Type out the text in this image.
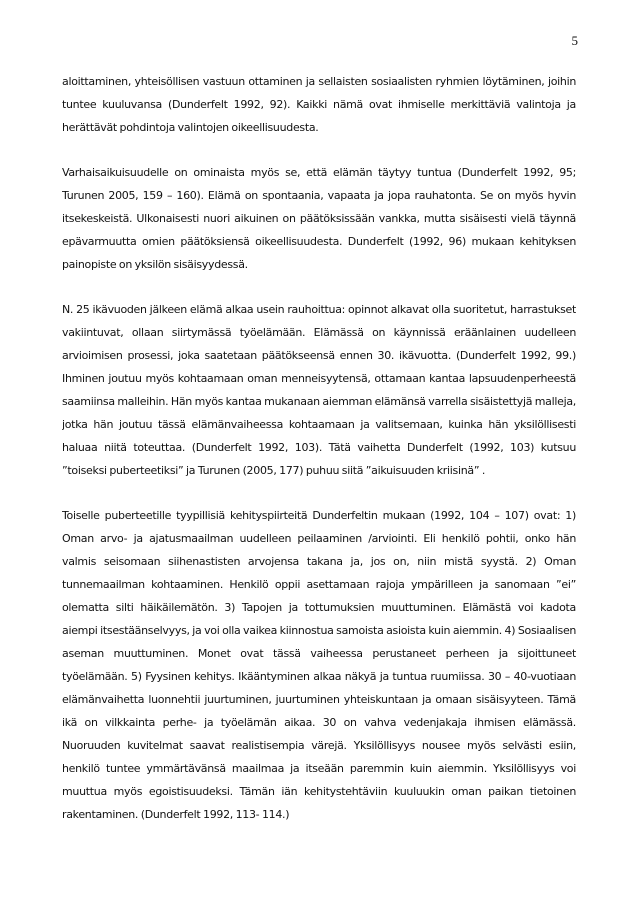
5
aloittaminen, yhteisöllisen vastuun ottaminen ja sellaisten sosiaalisten ryhmien löytäminen, joihin
tuntee kuuluvansa (Dunderfelt 1992, 92). Kaikki nämä ovat ihmiselle merkittäviä valintoja ja
herättävät pohdintoja valintojen oikeellisuudesta.
Varhaisaikuisuudelle on ominaista myös se, että elämän täytyy tuntua (Dunderfelt 1992, 95;
Turunen 2005, 159 – 160). Elämä on spontaania, vapaata ja jopa rauhatonta. Se on myös hyvin
itsekeskeistä. Ulkonaisesti nuori aikuinen on päätöksissään vankka, mutta sisäisesti vielä täynnä
epävarmuutta omien päätöksiensä oikeellisuudesta. Dunderfelt (1992, 96) mukaan kehityksen
painopiste on yksilön sisäisyydessä.
N. 25 ikävuoden jälkeen elämä alkaa usein rauhoittua: opinnot alkavat olla suoritetut, harrastukset
vakiintuvat, ollaan siirtymässä työelämään. Elämässä on käynnissä eräänlainen uudelleen
arvioimisen prosessi, joka saatetaan päätökseensä ennen 30. ikävuotta. (Dunderfelt 1992, 99.)
Ihminen joutuu myös kohtaamaan oman menneisyytensä, ottamaan kantaa lapsuudenperheestä
saamiinsa malleihin. Hän myös kantaa mukanaan aiemman elämänsä varrella sisäistettyjä malleja,
jotka hän joutuu tässä elämänvaiheessa kohtaamaan ja valitsemaan, kuinka hän yksilöllisesti
haluaa niitä toteuttaa. (Dunderfelt 1992, 103). Tätä vaihetta Dunderfelt (1992, 103) kutsuu
”toiseksi puberteetiksi” ja Turunen (2005, 177) puhuu siitä ”aikuisuuden kriisinä” .
Toiselle puberteetille tyypillisiä kehityspiirteitä Dunderfeltin mukaan (1992, 104 – 107) ovat: 1)
Oman arvo- ja ajatusmaailman uudelleen peilaaminen /arviointi. Eli henkilö pohtii, onko hän
valmis seisomaan siihenastisten arvojensa takana ja, jos on, niin mistä syystä. 2) Oman
tunnemaailman kohtaaminen. Henkilö oppii asettamaan rajoja ympärilleen ja sanomaan ”ei”
olematta silti häikäilemätön. 3) Tapojen ja tottumuksien muuttuminen. Elämästä voi kadota
aiempi itsestäänselvyys, ja voi olla vaikea kiinnostua samoista asioista kuin aiemmin. 4) Sosiaalisen
aseman muuttuminen. Monet ovat tässä vaiheessa perustaneet perheen ja sijoittuneet
työelämään. 5) Fyysinen kehitys. Ikääntyminen alkaa näkyä ja tuntua ruumiissa. 30 – 40-vuotiaan
elämänvaihetta luonnehtii juurtuminen, juurtuminen yhteiskuntaan ja omaan sisäisyyteen. Tämä
ikä on vilkkainta perhe- ja työelämän aikaa. 30 on vahva vedenjakaja ihmisen elämässä.
Nuoruuden kuvitelmat saavat realistisempia värejä. Yksilöllisyys nousee myös selvästi esiin,
henkilö tuntee ymmärtävänsä maailmaa ja itseään paremmin kuin aiemmin. Yksilöllisyys voi
muuttua myös egoistisuudeksi. Tämän iän kehitystehtäviin kuuluukin oman paikan tietoinen
rakentaminen. (Dunderfelt 1992, 113- 114.)
